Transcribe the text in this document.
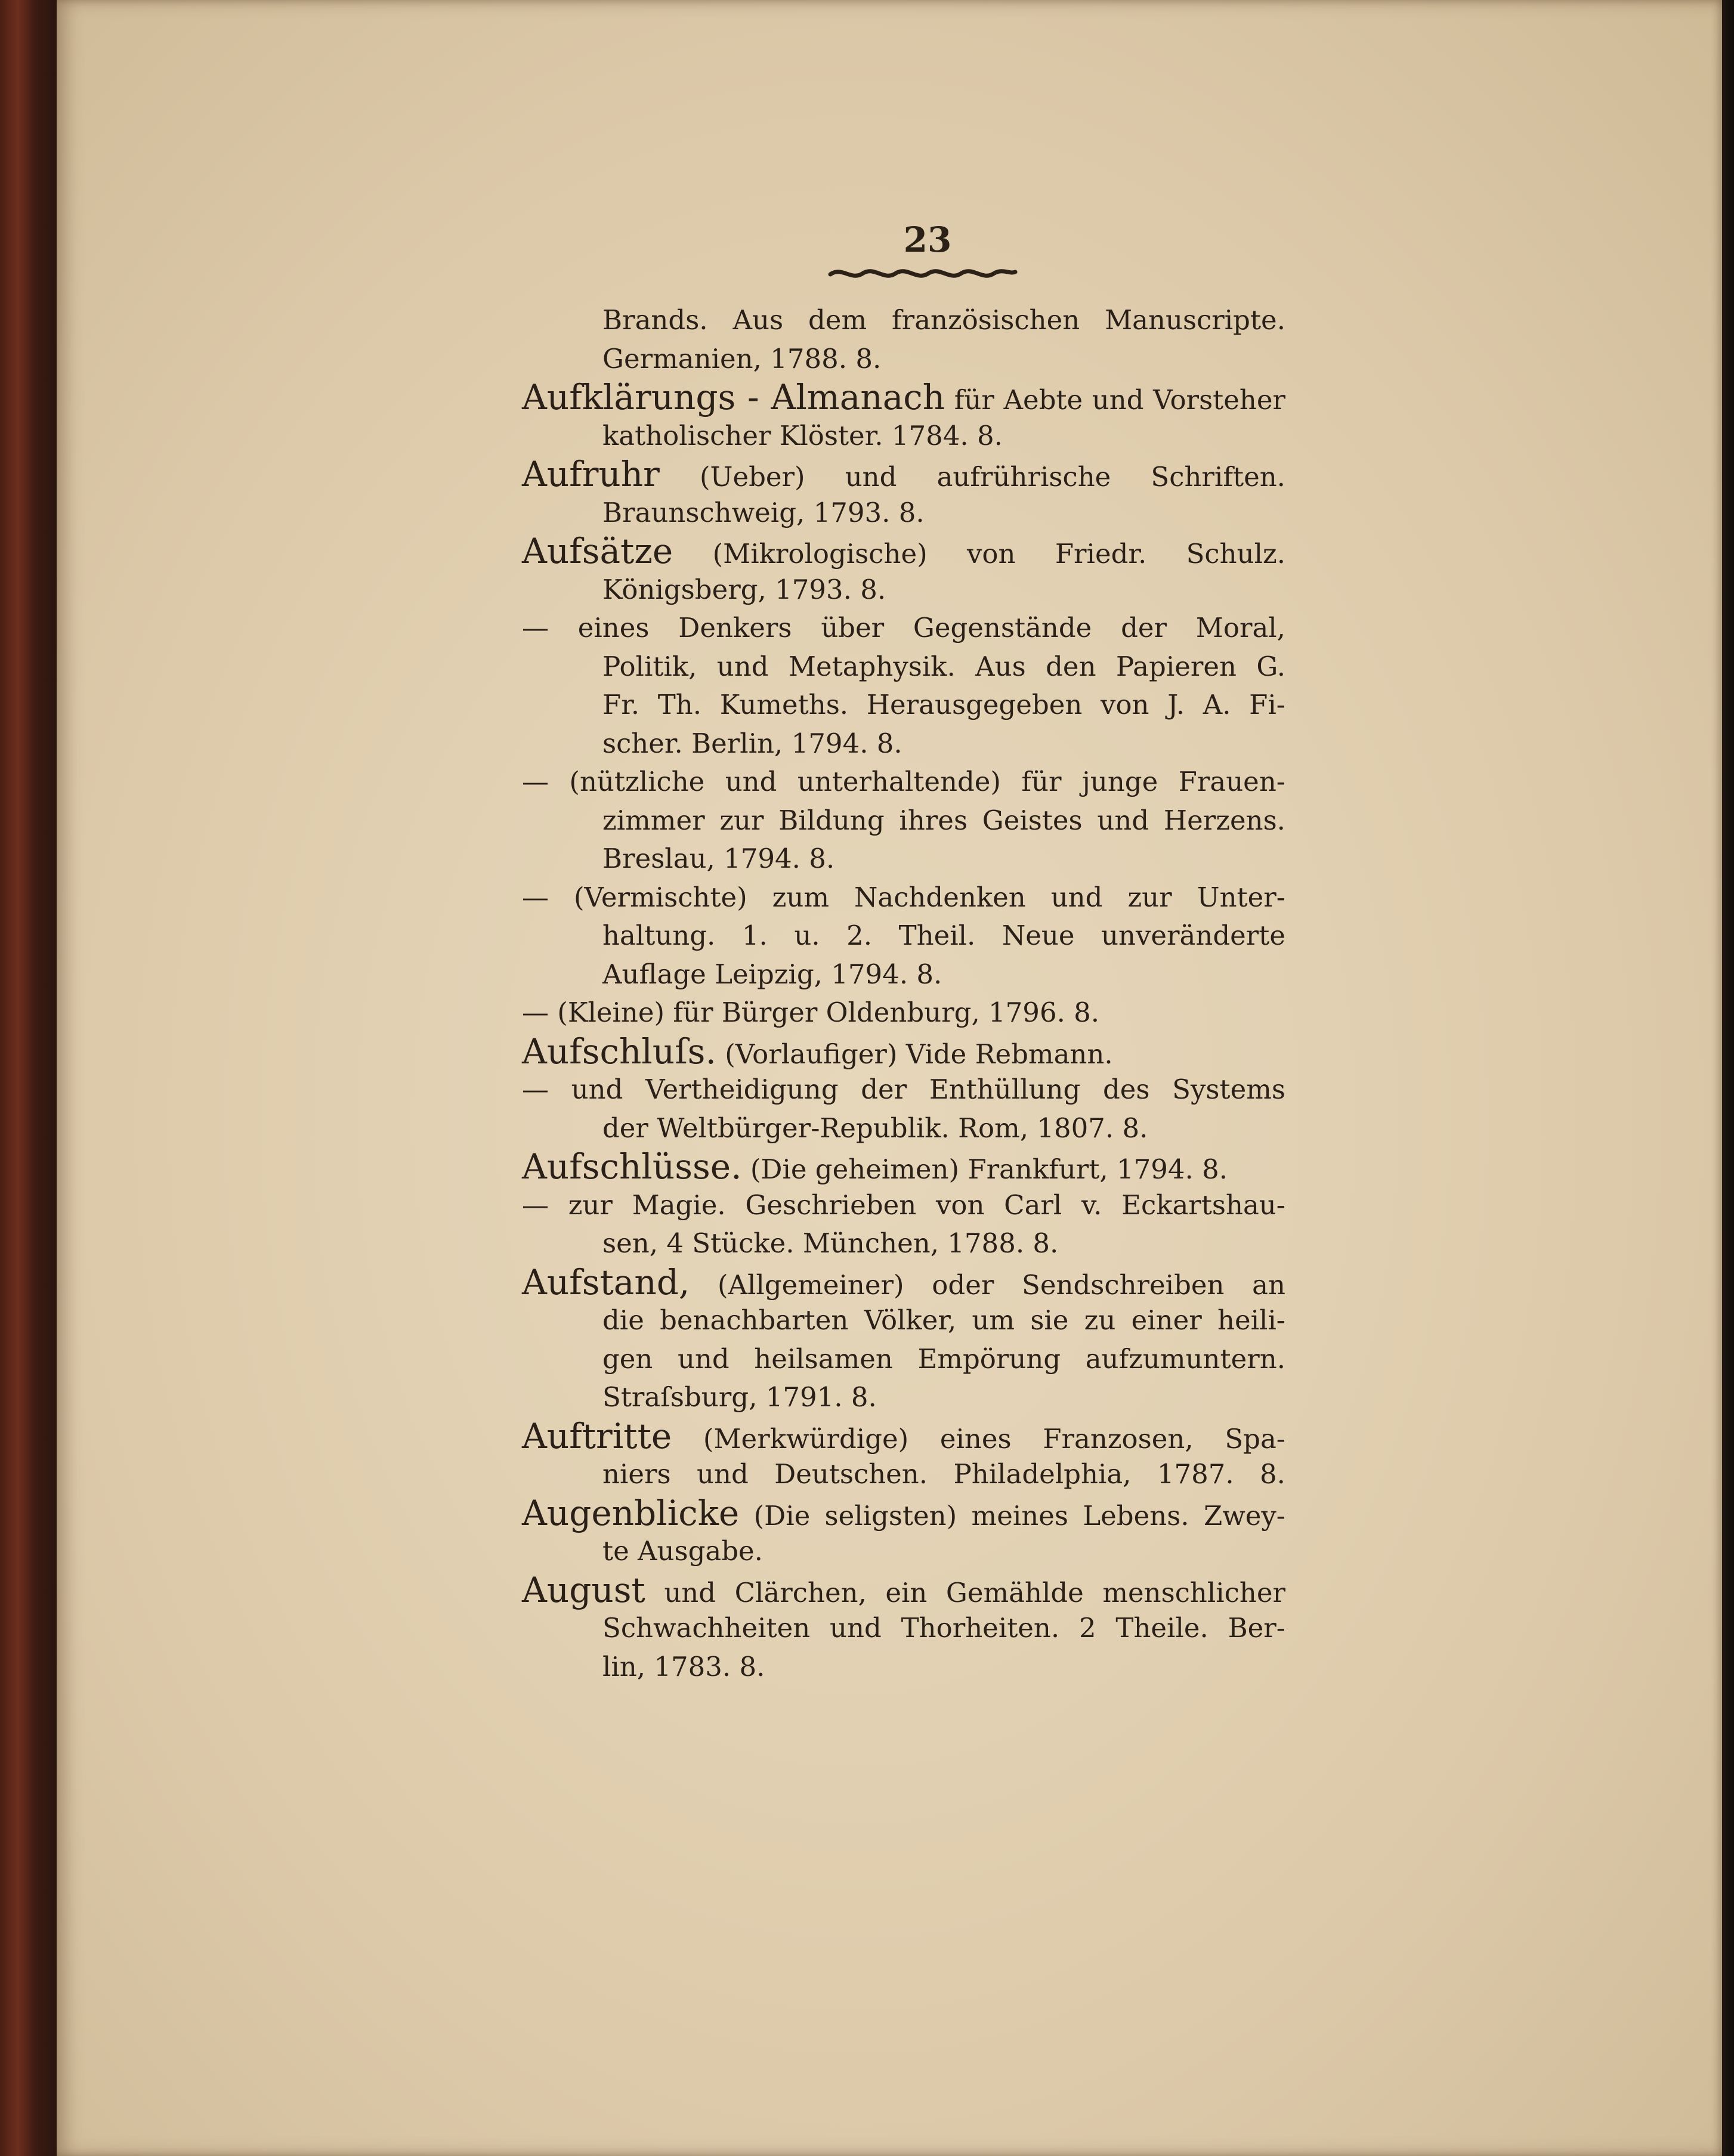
23
Brands. Aus dem französischen Manuscripte.
Germanien, 1788. 8.
Aufklärungs - Almanach für Aebte und Vorsteher
katholischer Klöster. 1784. 8.
Aufruhr (Ueber) und aufrührische Schriften.
Braunschweig, 1793. 8.
Aufsätze (Mikrologische) von Friedr. Schulz.
Königsberg, 1793. 8.
— eines Denkers über Gegenstände der Moral,
Politik, und Metaphysik. Aus den Papieren G.
Fr. Th. Kumeths. Herausgegeben von J. A. Fi-
scher. Berlin, 1794. 8.
— (nützliche und unterhaltende) für junge Frauen-
zimmer zur Bildung ihres Geistes und Herzens.
Breslau, 1794. 8.
— (Vermischte) zum Nachdenken und zur Unter-
haltung. 1. u. 2. Theil. Neue unveränderte
Auflage Leipzig, 1794. 8.
— (Kleine) für Bürger Oldenburg, 1796. 8.
Aufschluſs. (Vorlaufiger) Vide Rebmann.
— und Vertheidigung der Enthüllung des Systems
der Weltbürger-Republik. Rom, 1807. 8.
Aufschlüsse. (Die geheimen) Frankfurt, 1794. 8.
— zur Magie. Geschrieben von Carl v. Eckartshau-
sen, 4 Stücke. München, 1788. 8.
Aufstand, (Allgemeiner) oder Sendschreiben an
die benachbarten Völker, um sie zu einer heili-
gen und heilsamen Empörung aufzumuntern.
Straſsburg, 1791. 8.
Auftritte (Merkwürdige) eines Franzosen, Spa-
niers und Deutschen. Philadelphia, 1787. 8.
Augenblicke (Die seligsten) meines Lebens. Zwey-
te Ausgabe.
August und Clärchen, ein Gemählde menschlicher
Schwachheiten und Thorheiten. 2 Theile. Ber-
lin, 1783. 8.
